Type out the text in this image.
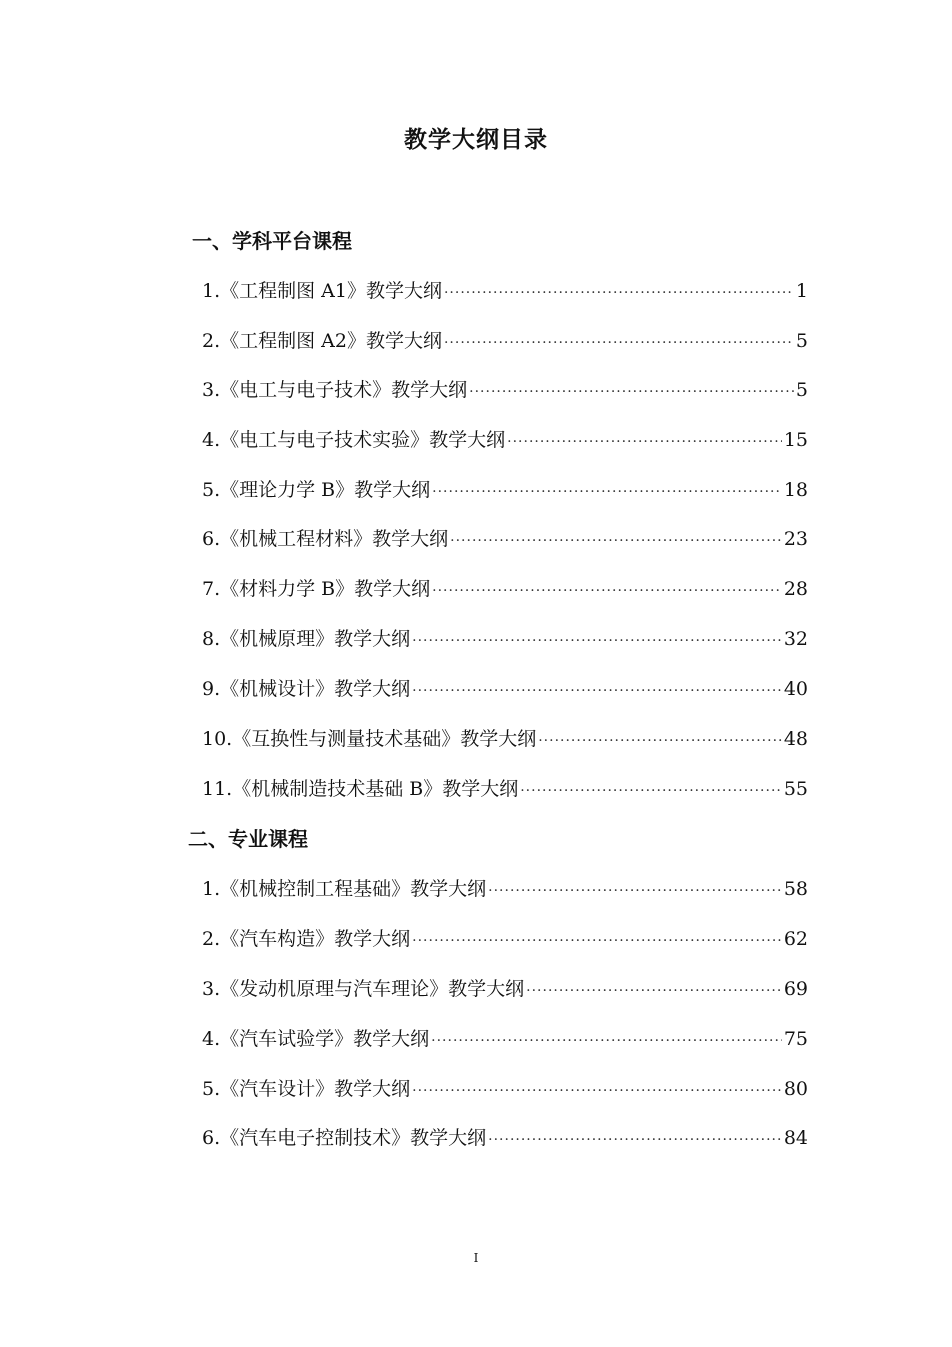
教学大纲目录
一、学科平台课程
1.《工程制图 A1》教学大纲 ·····	1
2.《工程制图 A2》教学大纲 ·····	5
3.《电工与电子技术》教学大纲 ·····	5
4.《电工与电子技术实验》教学大纲 ·····	15
5.《理论力学 B》教学大纲 ·····	18
6.《机械工程材料》教学大纲 ·····	23
7.《材料力学 B》教学大纲 ·····	28
8.《机械原理》教学大纲 ·····	32
9.《机械设计》教学大纲 ·····	40
10.《互换性与测量技术基础》教学大纲 ·····	48
11.《机械制造技术基础 B》教学大纲 ·····	55
二、专业课程
1.《机械控制工程基础》教学大纲 ·····	58
2.《汽车构造》教学大纲 ·····	62
3.《发动机原理与汽车理论》教学大纲 ·····	69
4.《汽车试验学》教学大纲 ·····	75
5.《汽车设计》教学大纲 ·····	80
6.《汽车电子控制技术》教学大纲 ·····	84
I
